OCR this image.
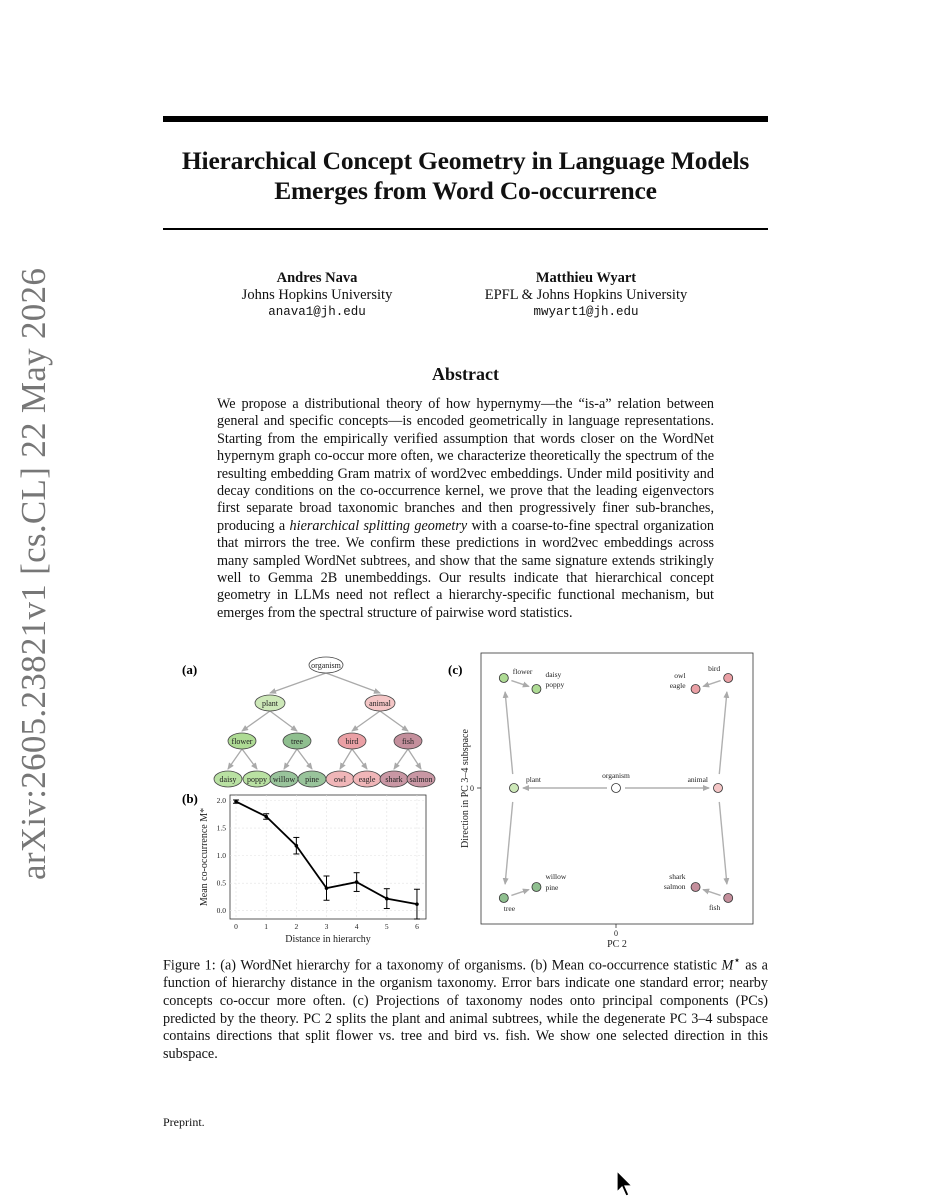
arXiv:2605.23821v1 [cs.CL] 22 May 2026
Hierarchical Concept Geometry in Language Models
Emerges from Word Co-occurrence
Andres Nava
Johns Hopkins University
anava1@jh.edu
Matthieu Wyart
EPFL & Johns Hopkins University
mwyart1@jh.edu
Abstract
We propose a distributional theory of how hypernymy—the “is-a” relation between general and specific concepts—is encoded geometrically in language representations. Starting from the empirically verified assumption that words closer on the WordNet hypernym graph co-occur more often, we characterize theoretically the spectrum of the resulting embedding Gram matrix of word2vec embeddings. Under mild positivity and decay conditions on the co-occurrence kernel, we prove that the leading eigenvectors first separate broad taxonomic branches and then progressively finer sub-branches, producing a hierarchical splitting geometry with a coarse-to-fine spectral organization that mirrors the tree. We confirm these predictions in word2vec embeddings across many sampled WordNet subtrees, and show that the same signature extends strikingly well to Gemma 2B unembeddings. Our results indicate that hierarchical concept geometry in LLMs need not reflect a hierarchy-specific functional mechanism, but emerges from the spectral structure of pairwise word statistics.
(a)
(b)
(c)
organism
plant	animal
flower	tree	bird	fish
daisy poppy willow pine owl eagle shark salmon
0	1	2	3	4	5	6
0.0
0.5
1.0
1.5
2.0
Distance in hierarchy
Mean co-occurrence M*
0
0
PC 2
Direction in PC 3–4 subspace	organism
plant	animal
flower daisy
poppy
tree
willow
pine
bird
owl
eagle
fish
shark
salmon
Figure 1: (a) WordNet hierarchy for a taxonomy of organisms. (b) Mean co-occurrence statistic M⋆ as a function of hierarchy distance in the organism taxonomy. Error bars indicate one standard error; nearby concepts co-occur more often. (c) Projections of taxonomy nodes onto principal components (PCs) predicted by the theory. PC 2 splits the plant and animal subtrees, while the degenerate PC 3–4 subspace contains directions that split flower vs. tree and bird vs. fish. We show one selected direction in this subspace.
Preprint.
